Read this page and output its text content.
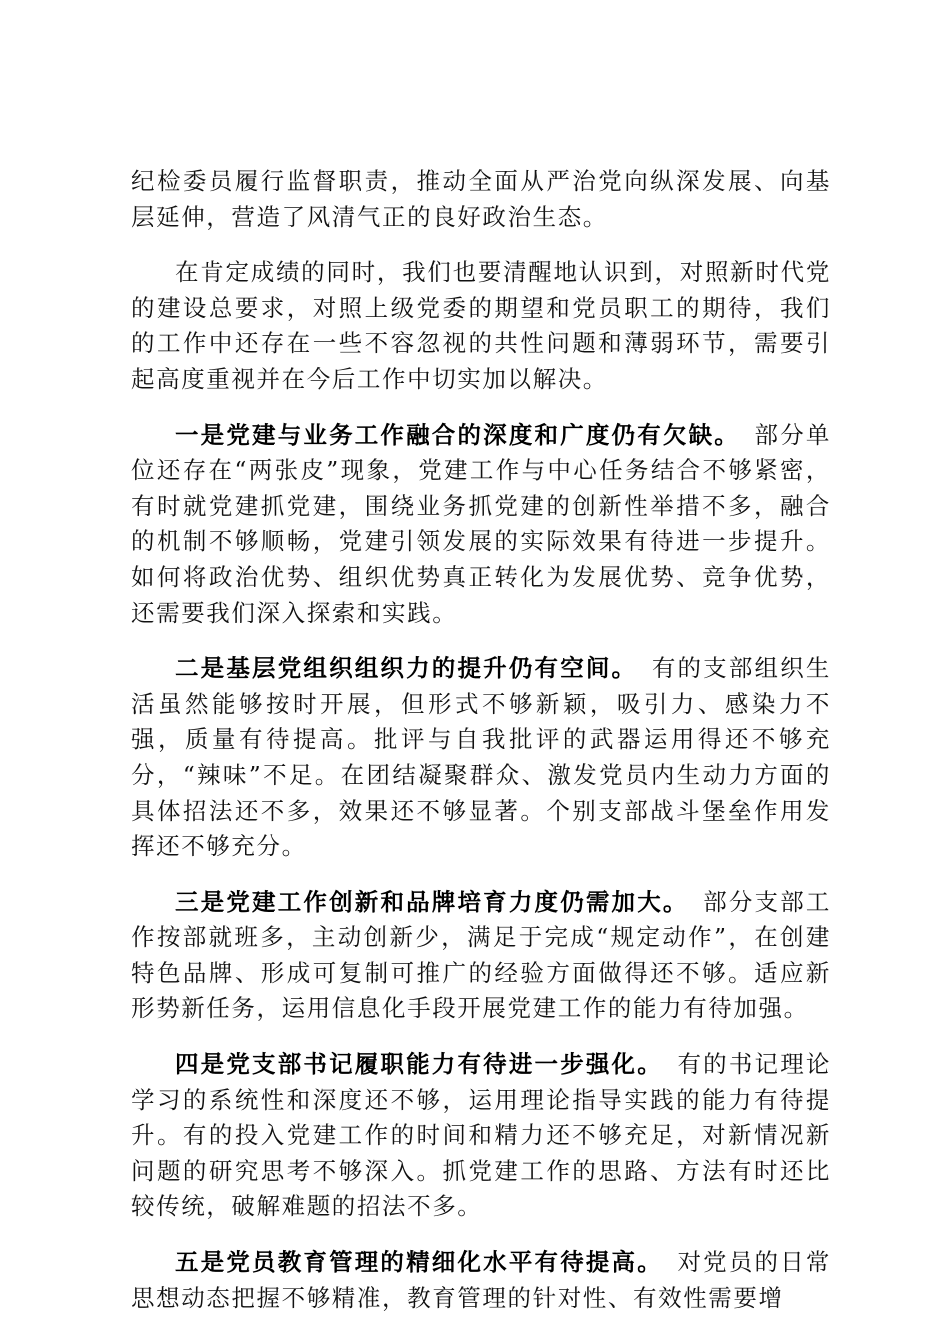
纪检委员履行监督职责，推动全面从严治党向纵深发展、向基层延伸，营造了风清气正的良好政治生态。

在肯定成绩的同时，我们也要清醒地认识到，对照新时代党的建设总要求，对照上级党委的期望和党员职工的期待，我们的工作中还存在一些不容忽视的共性问题和薄弱环节，需要引起高度重视并在今后工作中切实加以解决。

一是党建与业务工作融合的深度和广度仍有欠缺。 部分单位还存在“两张皮”现象，党建工作与中心任务结合不够紧密，有时就党建抓党建，围绕业务抓党建的创新性举措不多，融合的机制不够顺畅，党建引领发展的实际效果有待进一步提升。如何将政治优势、组织优势真正转化为发展优势、竞争优势，还需要我们深入探索和实践。

二是基层党组织组织力的提升仍有空间。 有的支部组织生活虽然能够按时开展，但形式不够新颖，吸引力、感染力不强，质量有待提高。批评与自我批评的武器运用得还不够充分，“辣味”不足。在团结凝聚群众、激发党员内生动力方面的具体招法还不多，效果还不够显著。个别支部战斗堡垒作用发挥还不够充分。

三是党建工作创新和品牌培育力度仍需加大。 部分支部工作按部就班多，主动创新少，满足于完成“规定动作”，在创建特色品牌、形成可复制可推广的经验方面做得还不够。适应新形势新任务，运用信息化手段开展党建工作的能力有待加强。

四是党支部书记履职能力有待进一步强化。 有的书记理论学习的系统性和深度还不够，运用理论指导实践的能力有待提升。有的投入党建工作的时间和精力还不够充足，对新情况新问题的研究思考不够深入。抓党建工作的思路、方法有时还比较传统，破解难题的招法不多。

五是党员教育管理的精细化水平有待提高。 对党员的日常思想动态把握不够精准，教育管理的针对性、有效性需要增
